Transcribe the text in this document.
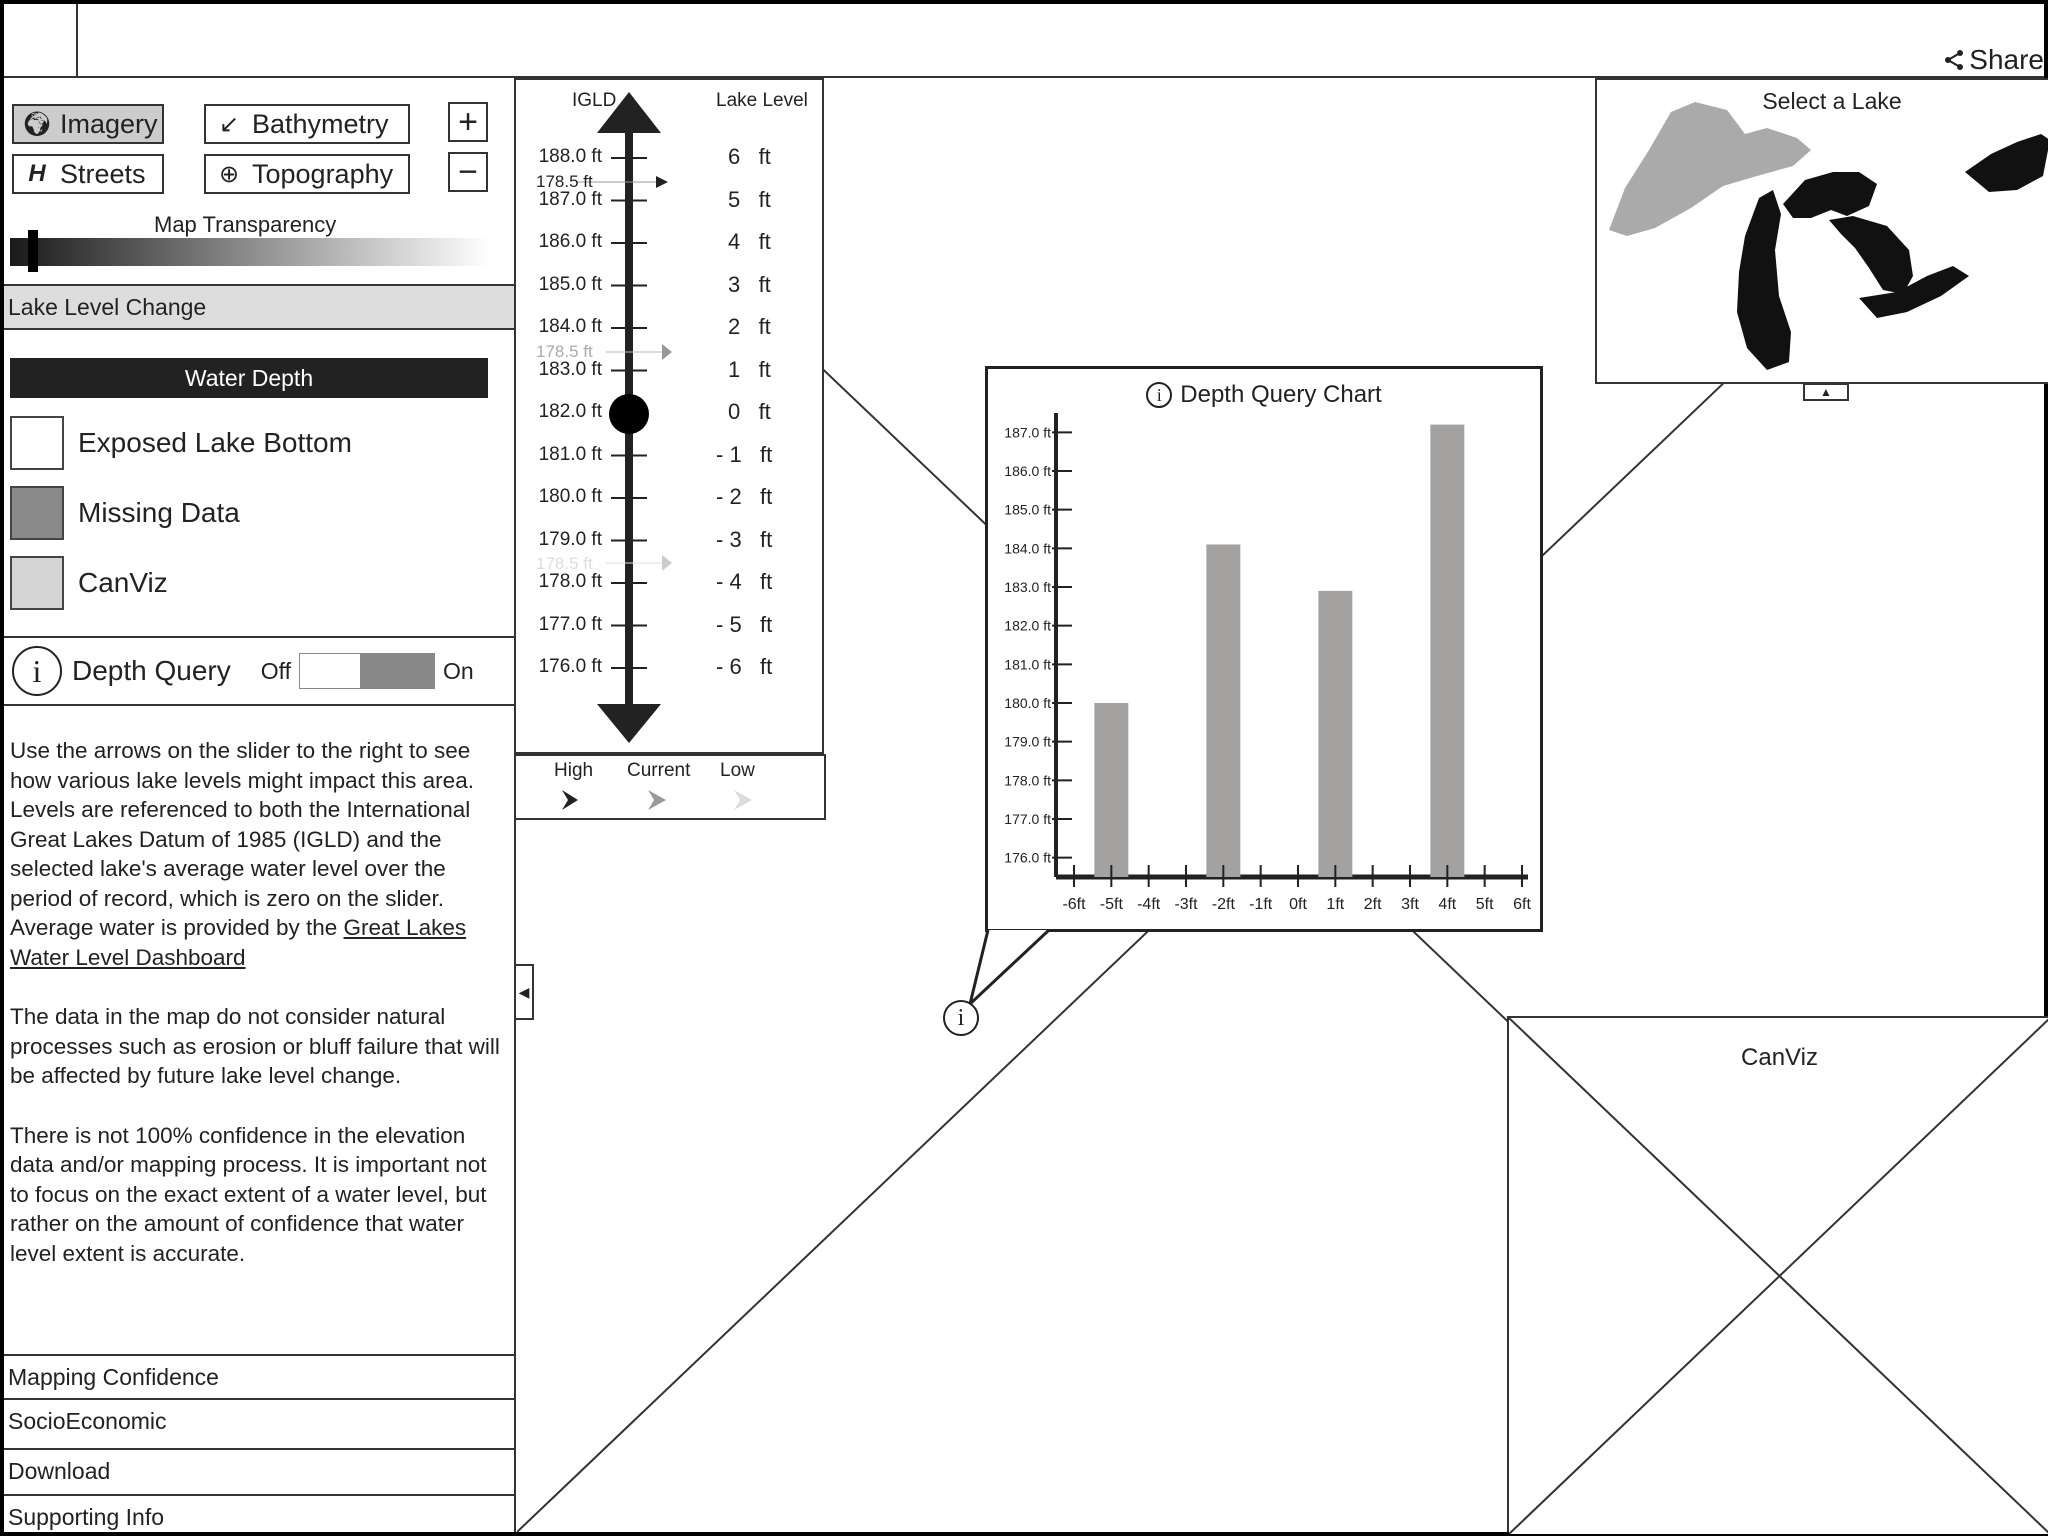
Share
🌍︎ Imagery	↙ Bathymetry
H Streets	⊕ Topography
+
−
Map Transparency
Lake Level Change
Water Depth
Exposed Lake Bottom
Missing Data
CanViz
i	Depth Query Off	On

Use the arrows on the slider to the right to see how various lake levels might impact this area. Levels are referenced to both the International Great Lakes Datum of 1985 (IGLD) and the selected lake's average water level over the period of record, which is zero on the slider. Average water is provided by the Great Lakes Water Level Dashboard

The data in the map do not consider natural processes such as erosion or bluff failure that will be affected by future lake level change.

There is not 100% confidence in the elevation data and/or mapping process. It is important not to focus on the exact extent of a water level, but rather on the amount of confidence that water level extent is accurate.

Mapping Confidence
SocioEconomic
Download
Supporting Info
◀
IGLD	Lake Level
178.5 ft
178.5 ft
178.5 ft
188.0 ft	6   ft
187.0 ft	5   ft
186.0 ft	4   ft
185.0 ft	3   ft
184.0 ft	2   ft
183.0 ft	1   ft
182.0 ft	0   ft
181.0 ft	- 1   ft
180.0 ft	- 2   ft
179.0 ft	- 3   ft
178.0 ft	- 4   ft
177.0 ft	- 5   ft
176.0 ft	- 6   ft
High Current Low
Select a Lake
▲
i Depth Query Chart
176.0 ft
177.0 ft
178.0 ft
179.0 ft
180.0 ft
181.0 ft
182.0 ft
183.0 ft
184.0 ft
185.0 ft
186.0 ft
187.0 ft
-6ft -5ft -4ft -3ft -2ft -1ft 0ft 1ft 2ft 3ft 4ft 5ft 6ft
i
CanViz
